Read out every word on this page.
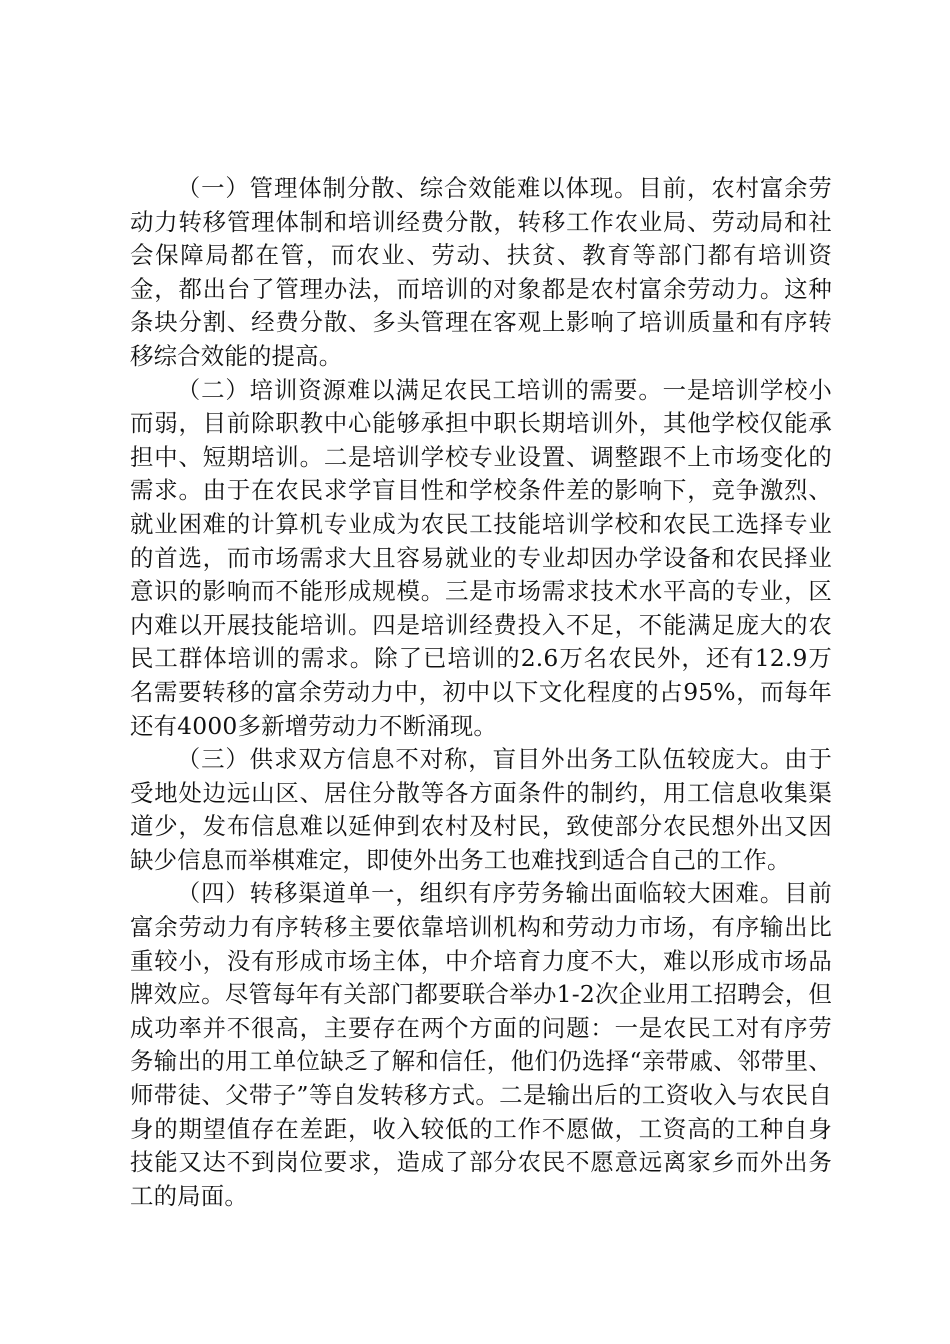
（一）管理体制分散、综合效能难以体现。目前，农村富余劳动力转移管理体制和培训经费分散，转移工作农业局、劳动局和社会保障局都在管，而农业、劳动、扶贫、教育等部门都有培训资金，都出台了管理办法，而培训的对象都是农村富余劳动力。这种条块分割、经费分散、多头管理在客观上影响了培训质量和有序转移综合效能的提高。

（二）培训资源难以满足农民工培训的需要。一是培训学校小而弱，目前除职教中心能够承担中职长期培训外，其他学校仅能承担中、短期培训。二是培训学校专业设置、调整跟不上市场变化的需求。由于在农民求学盲目性和学校条件差的影响下，竞争激烈、就业困难的计算机专业成为农民工技能培训学校和农民工选择专业的首选，而市场需求大且容易就业的专业却因办学设备和农民择业意识的影响而不能形成规模。三是市场需求技术水平高的专业，区内难以开展技能培训。四是培训经费投入不足，不能满足庞大的农民工群体培训的需求。除了已培训的2.6万名农民外，还有12.9万名需要转移的富余劳动力中，初中以下文化程度的占95%，而每年还有4000多新增劳动力不断涌现。

（三）供求双方信息不对称，盲目外出务工队伍较庞大。由于受地处边远山区、居住分散等各方面条件的制约，用工信息收集渠道少，发布信息难以延伸到农村及村民，致使部分农民想外出又因缺少信息而举棋难定，即使外出务工也难找到适合自己的工作。

（四）转移渠道单一，组织有序劳务输出面临较大困难。目前富余劳动力有序转移主要依靠培训机构和劳动力市场，有序输出比重较小，没有形成市场主体，中介培育力度不大，难以形成市场品牌效应。尽管每年有关部门都要联合举办1-2次企业用工招聘会，但成功率并不很高，主要存在两个方面的问题：一是农民工对有序劳务输出的用工单位缺乏了解和信任，他们仍选择“亲带戚、邻带里、师带徒、父带子”等自发转移方式。二是输出后的工资收入与农民自身的期望值存在差距，收入较低的工作不愿做，工资高的工种自身技能又达不到岗位要求，造成了部分农民不愿意远离家乡而外出务工的局面。
